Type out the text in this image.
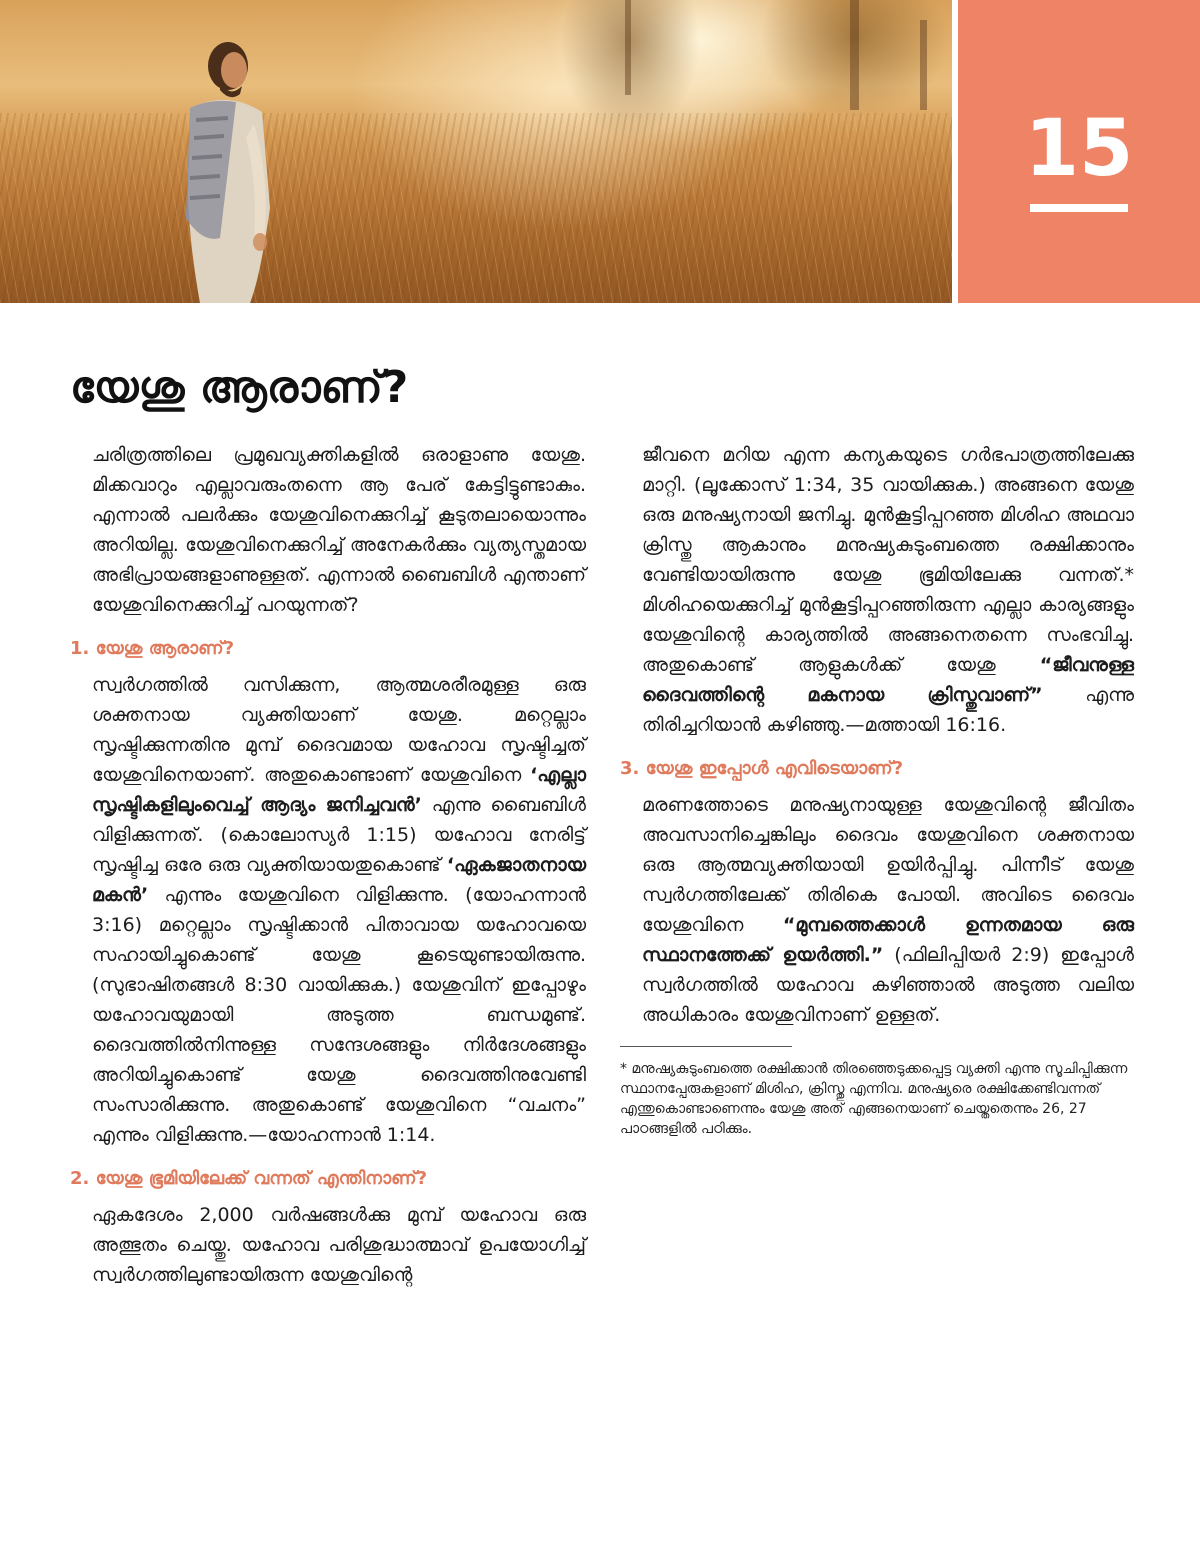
15
യേശു ആരാണ്?

ചരിത്രത്തിലെ പ്രമുഖവ്യക്തികളിൽ ഒരാളാണു യേശു. മിക്കവാറും എല്ലാവരുംതന്നെ ആ പേര് കേട്ടിട്ടുണ്ടാകും. എന്നാൽ പലർക്കും യേശുവിനെക്കുറിച്ച് കൂടുതലായൊന്നും അറിയില്ല. യേശുവിനെക്കുറിച്ച് അനേകർക്കും വ്യത്യസ്തമായ അഭിപ്രായങ്ങളാണുള്ളത്. എന്നാൽ ബൈബിൾ എന്താണ് യേശുവിനെക്കുറിച്ച് പറയുന്നത്?

1. യേശു ആരാണ്?

സ്വർഗത്തിൽ വസിക്കുന്ന, ആത്മശരീരമുള്ള ഒരു ശക്തനായ വ്യക്തിയാണ് യേശു. മറ്റെല്ലാം സൃഷ്ടിക്കുന്നതിനു മുമ്പ് ദൈവമായ യഹോവ സൃഷ്ടിച്ചത് യേശുവിനെയാണ്. അതുകൊണ്ടാണ് യേശുവിനെ ‘എല്ലാ സൃഷ്ടികളിലുംവെച്ച് ആദ്യം ജനിച്ചവൻ’ എന്നു ബൈബിൾ വിളിക്കുന്നത്. (കൊലോസ്യർ 1:15) യഹോവ നേരിട്ട് സൃഷ്ടിച്ച ഒരേ ഒരു വ്യക്തിയായതുകൊണ്ട് ‘ഏകജാതനായ മകൻ’ എന്നും യേശുവിനെ വിളിക്കുന്നു. (യോഹന്നാൻ 3:16) മറ്റെല്ലാം സൃഷ്ടിക്കാൻ പിതാവായ യഹോവയെ സഹായിച്ചുകൊണ്ട് യേശു കൂടെയുണ്ടായിരുന്നു. (സുഭാഷിതങ്ങൾ 8:30 വായിക്കുക.) യേശുവിന് ഇപ്പോഴും യഹോവയുമായി അടുത്ത ബന്ധമുണ്ട്. ദൈവത്തിൽനിന്നുള്ള സന്ദേശങ്ങളും നിർദേശങ്ങളും അറിയിച്ചുകൊണ്ട് യേശു ദൈവത്തിനുവേണ്ടി സംസാരിക്കുന്നു. അതുകൊണ്ട് യേശുവിനെ “വചനം” എന്നും വിളിക്കുന്നു.—യോഹന്നാൻ 1:14.

2. യേശു ഭൂമിയിലേക്ക് വന്നത് എന്തിനാണ്?

ഏകദേശം 2,000 വർഷങ്ങൾക്കു മുമ്പ് യഹോവ ഒരു അത്ഭുതം ചെയ്തു. യഹോവ പരിശുദ്ധാത്മാവ് ഉപയോഗിച്ച് സ്വർഗത്തിലുണ്ടായിരുന്ന യേശുവിന്റെ

ജീവനെ മറിയ എന്ന കന്യകയുടെ ഗർഭപാത്രത്തിലേക്കു മാറ്റി. (ലൂക്കോസ് 1:34, 35 വായിക്കുക.) അങ്ങനെ യേശു ഒരു മനുഷ്യനായി ജനിച്ചു. മുൻകൂട്ടിപ്പറഞ്ഞ മിശിഹ അഥവാ ക്രിസ്തു ആകാനും മനുഷ്യകുടുംബത്തെ രക്ഷിക്കാനും വേണ്ടിയായിരുന്നു യേശു ഭൂമിയിലേക്കു വന്നത്.* മിശിഹയെക്കുറിച്ച് മുൻകൂട്ടിപ്പറഞ്ഞിരുന്ന എല്ലാ കാര്യങ്ങളും യേശുവിന്റെ കാര്യത്തിൽ അങ്ങനെതന്നെ സംഭവിച്ചു. അതുകൊണ്ട് ആളുകൾക്ക് യേശു “ജീവനുള്ള ദൈവത്തിന്റെ മകനായ ക്രിസ്തുവാണ്” എന്നു തിരിച്ചറിയാൻ കഴിഞ്ഞു.—മത്തായി 16:16.

3. യേശു ഇപ്പോൾ എവിടെയാണ്?

മരണത്തോടെ മനുഷ്യനായുള്ള യേശുവിന്റെ ജീവിതം അവസാനിച്ചെങ്കിലും ദൈവം യേശുവിനെ ശക്തനായ ഒരു ആത്മവ്യക്തിയായി ഉയിർപ്പിച്ചു. പിന്നീട് യേശു സ്വർഗത്തിലേക്ക് തിരികെ പോയി. അവിടെ ദൈവം യേശുവിനെ “മുമ്പത്തെക്കാൾ ഉന്നതമായ ഒരു സ്ഥാനത്തേക്ക് ഉയർത്തി.” (ഫിലിപ്പിയർ 2:9) ഇപ്പോൾ സ്വർഗത്തിൽ യഹോവ കഴിഞ്ഞാൽ അടുത്ത വലിയ അധികാരം യേശുവിനാണ് ഉള്ളത്.

* മനുഷ്യകുടുംബത്തെ രക്ഷിക്കാൻ തിരഞ്ഞെടുക്കപ്പെട്ട വ്യക്തി എന്നു സൂചിപ്പിക്കുന്ന സ്ഥാനപ്പേരുകളാണ് മിശിഹ, ക്രിസ്തു എന്നിവ. മനുഷ്യരെ രക്ഷിക്കേണ്ടിവന്നത് എന്തുകൊണ്ടാണെന്നും യേശു അത് എങ്ങനെയാണ് ചെയ്തതെന്നും 26, 27 പാഠങ്ങളിൽ പഠിക്കും.
